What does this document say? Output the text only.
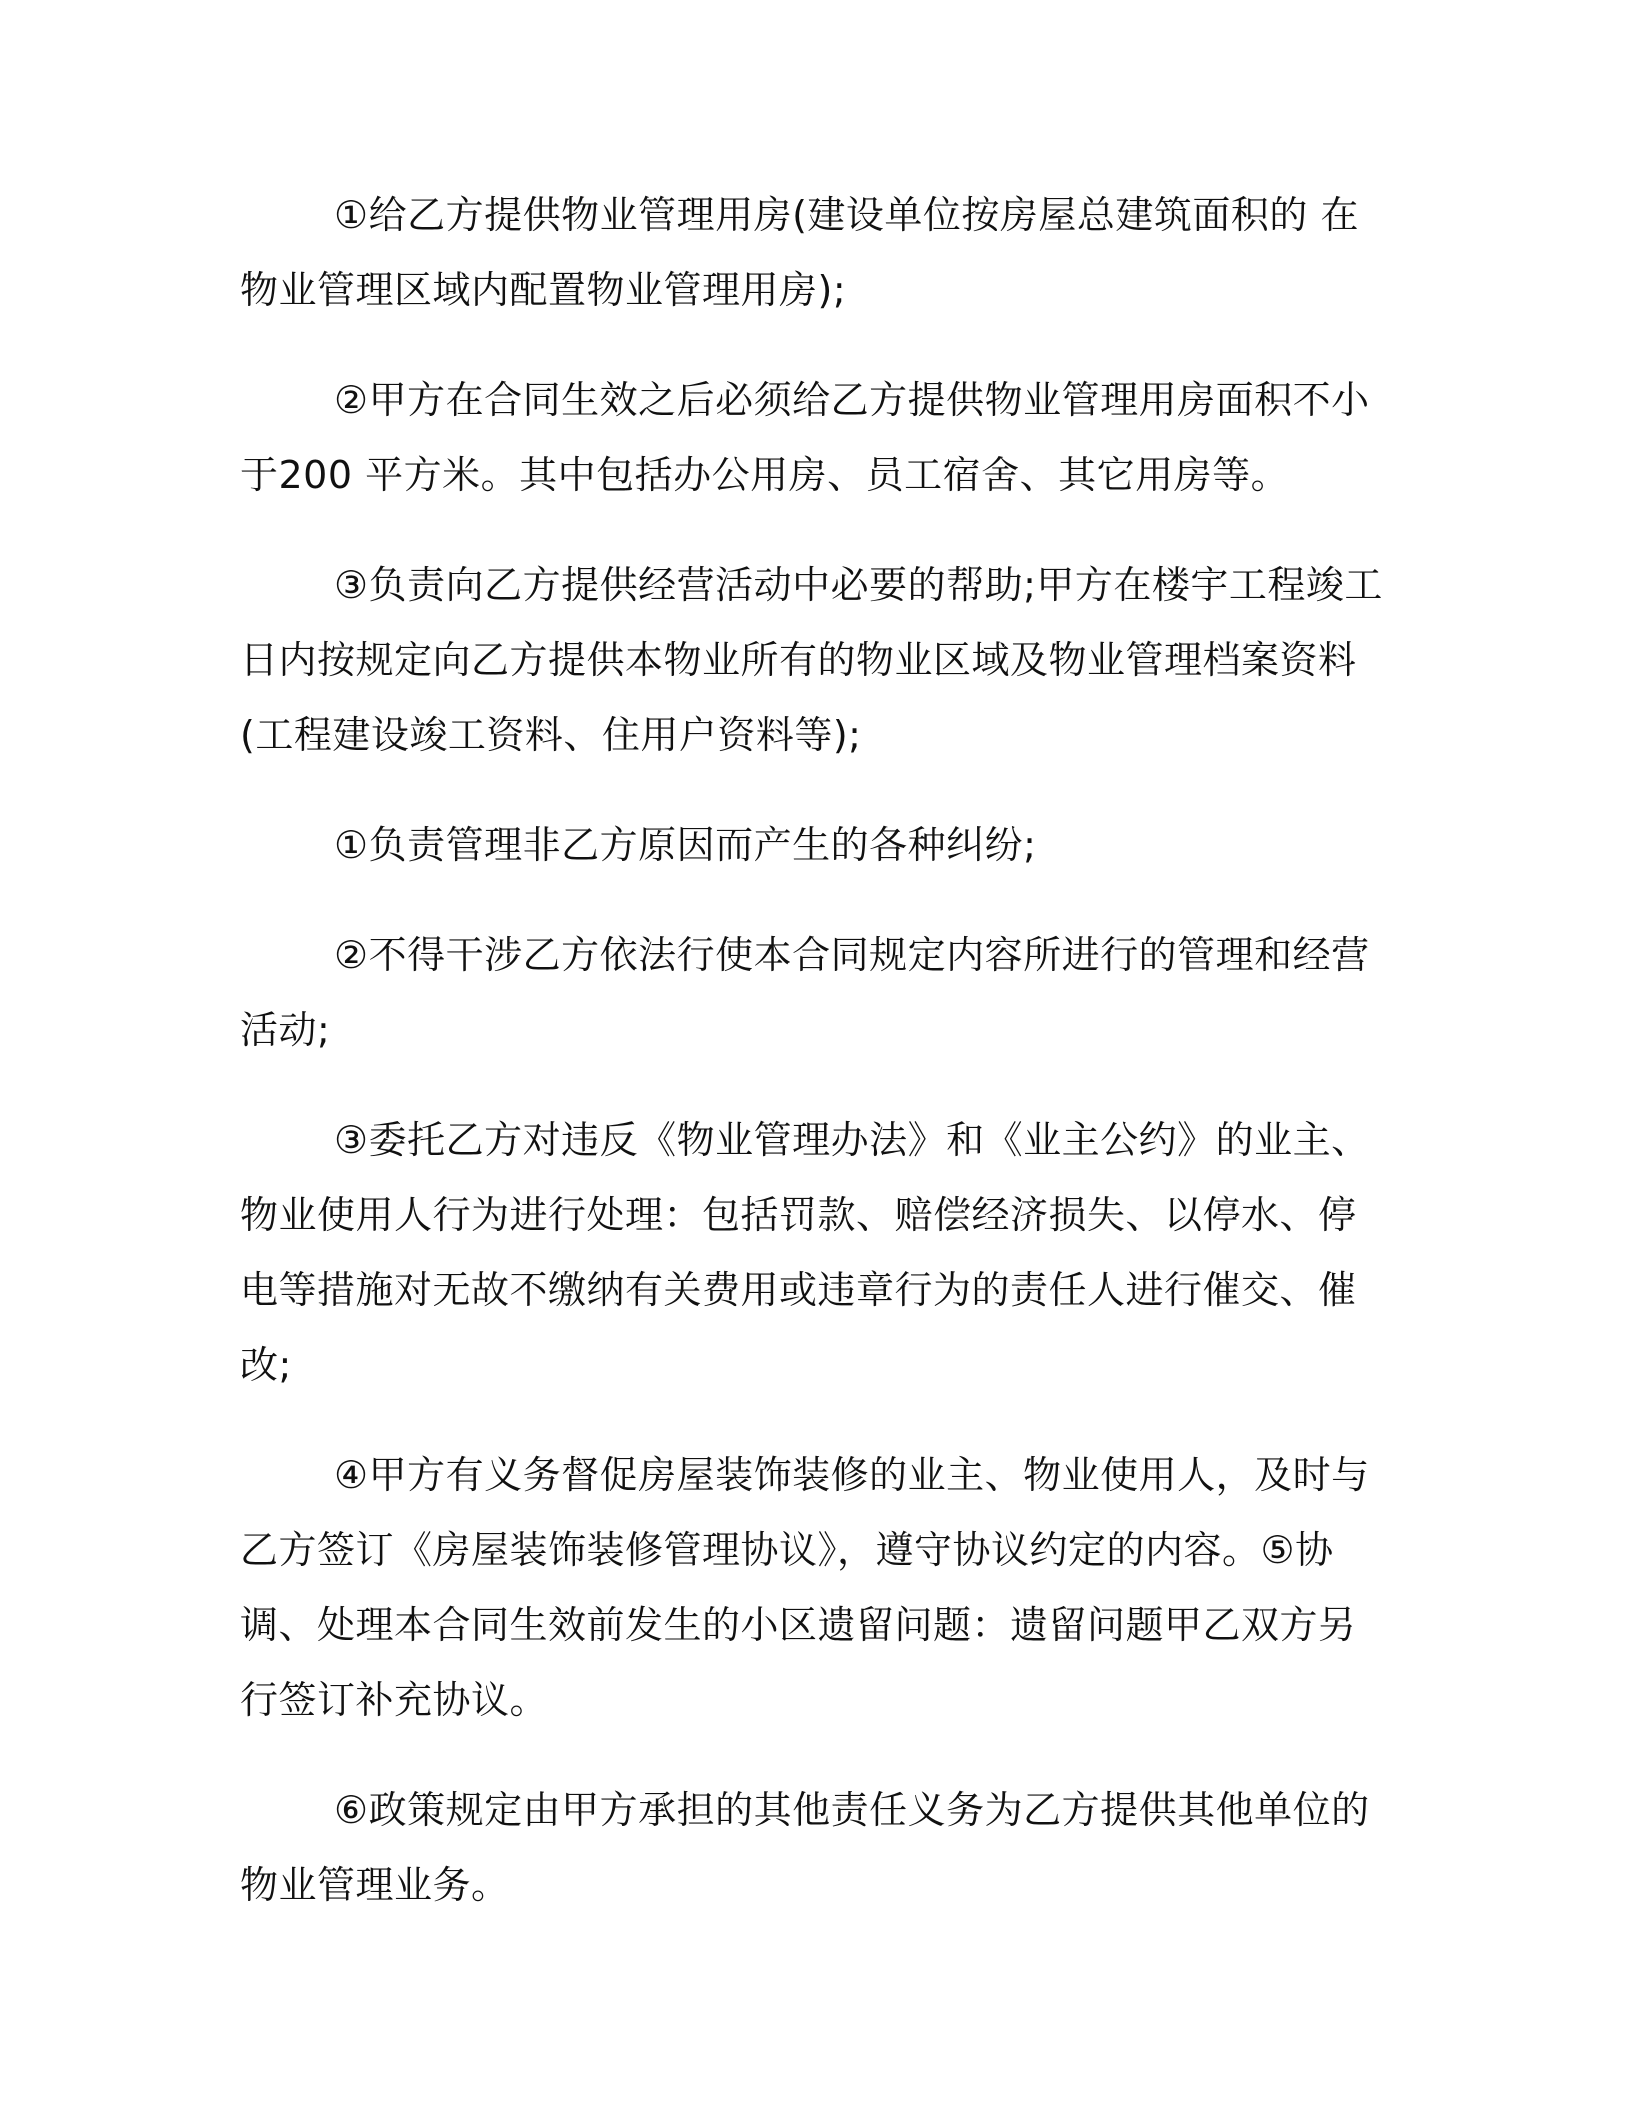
①给乙方提供物业管理用房(建设单位按房屋总建筑面积的 在物业管理区域内配置物业管理用房);

②甲方在合同生效之后必须给乙方提供物业管理用房面积不小于200 平方米。其中包括办公用房、员工宿舍、其它用房等。

③负责向乙方提供经营活动中必要的帮助;甲方在楼宇工程竣工日内按规定向乙方提供本物业所有的物业区域及物业管理档案资料(工程建设竣工资料、住用户资料等);

①负责管理非乙方原因而产生的各种纠纷;

②不得干涉乙方依法行使本合同规定内容所进行的管理和经营活动;

③委托乙方对违反《物业管理办法》和《业主公约》的业主、物业使用人行为进行处理：包括罚款、赔偿经济损失、以停水、停电等措施对无故不缴纳有关费用或违章行为的责任人进行催交、催改;

④甲方有义务督促房屋装饰装修的业主、物业使用人，及时与乙方签订《房屋装饰装修管理协议》，遵守协议约定的内容。⑤协调、处理本合同生效前发生的小区遗留问题：遗留问题甲乙双方另行签订补充协议。

⑥政策规定由甲方承担的其他责任义务为乙方提供其他单位的物业管理业务。
